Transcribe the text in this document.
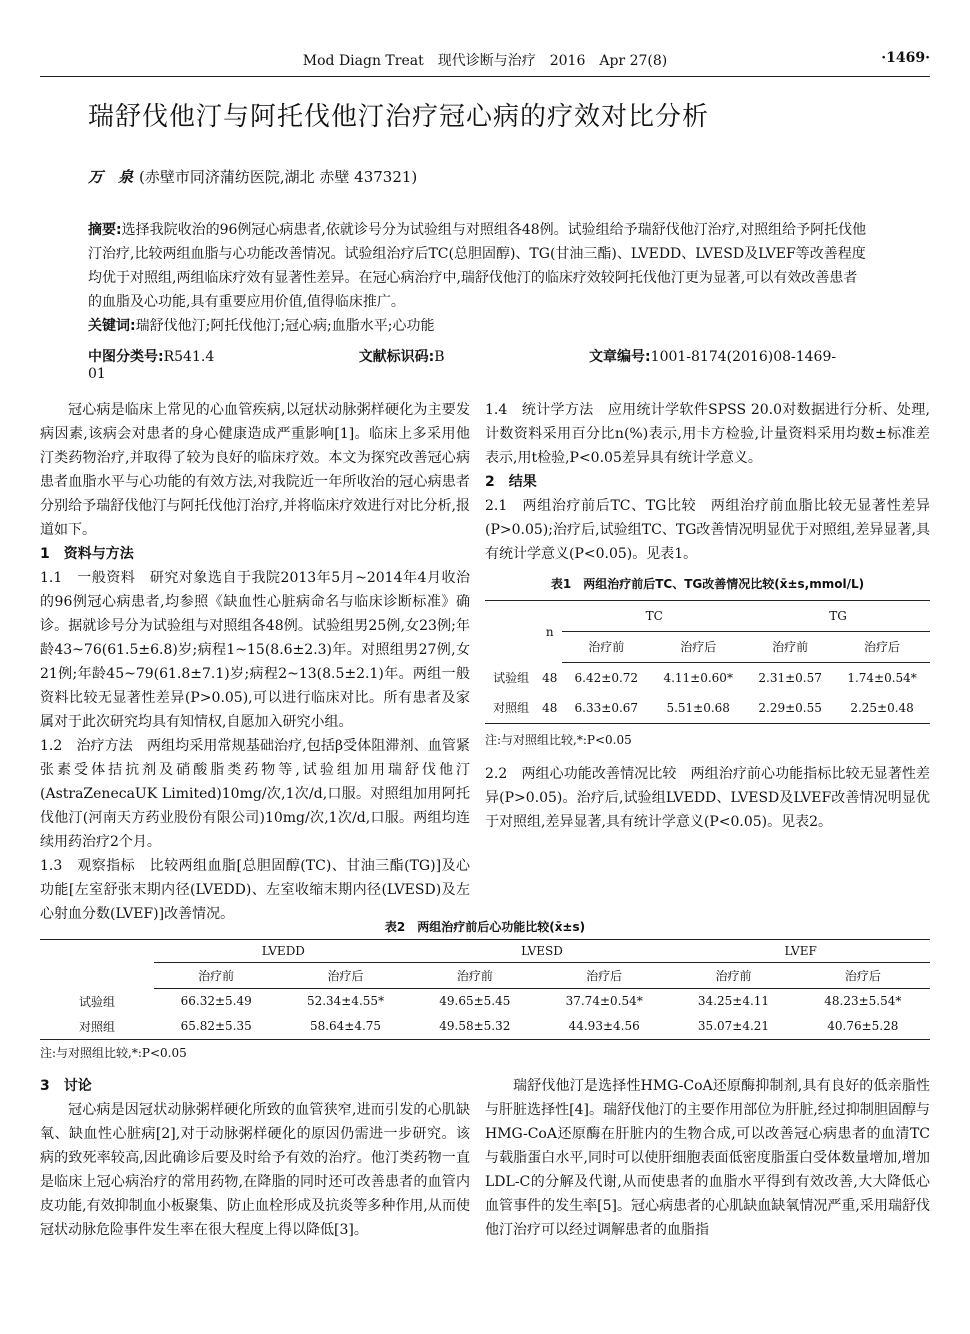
Mod Diagn Treat　现代诊断与治疗　2016　Apr 27(8)	·1469·
瑞舒伐他汀与阿托伐他汀治疗冠心病的疗效对比分析
万　泉 (赤壁市同济蒲纺医院,湖北 赤壁 437321)
摘要:选择我院收治的96例冠心病患者,依就诊号分为试验组与对照组各48例。试验组给予瑞舒伐他汀治疗,对照组给予阿托伐他汀治疗,比较两组血脂与心功能改善情况。试验组治疗后TC(总胆固醇)、TG(甘油三酯)、LVEDD、LVESD及LVEF等改善程度均优于对照组,两组临床疗效有显著性差异。在冠心病治疗中,瑞舒伐他汀的临床疗效较阿托伐他汀更为显著,可以有效改善患者的血脂及心功能,具有重要应用价值,值得临床推广。
关键词:瑞舒伐他汀;阿托伐他汀;冠心病;血脂水平;心功能
中图分类号:R541.4	文献标识码:B	文章编号:1001-8174(2016)08-1469-01

冠心病是临床上常见的心血管疾病,以冠状动脉粥样硬化为主要发病因素,该病会对患者的身心健康造成严重影响[1]。临床上多采用他汀类药物治疗,并取得了较为良好的临床疗效。本文为探究改善冠心病患者血脂水平与心功能的有效方法,对我院近一年所收治的冠心病患者分别给予瑞舒伐他汀与阿托伐他汀治疗,并将临床疗效进行对比分析,报道如下。

1　资料与方法

1.1　一般资料　研究对象选自于我院2013年5月~2014年4月收治的96例冠心病患者,均参照《缺血性心脏病命名与临床诊断标准》确诊。据就诊号分为试验组与对照组各48例。试验组男25例,女23例;年龄43~76(61.5±6.8)岁;病程1~15(8.6±2.3)年。对照组男27例,女21例;年龄45~79(61.8±7.1)岁;病程2~13(8.5±2.1)年。两组一般资料比较无显著性差异(P>0.05),可以进行临床对比。所有患者及家属对于此次研究均具有知情权,自愿加入研究小组。

1.2　治疗方法　两组均采用常规基础治疗,包括β受体阻滞剂、血管紧张素受体拮抗剂及硝酸脂类药物等,试验组加用瑞舒伐他汀(AstraZenecaUK Limited)10mg/次,1次/d,口服。对照组加用阿托伐他汀(河南天方药业股份有限公司)10mg/次,1次/d,口服。两组均连续用药治疗2个月。

1.3　观察指标　比较两组血脂[总胆固醇(TC)、甘油三酯(TG)]及心功能[左室舒张末期内径(LVEDD)、左室收缩末期内径(LVESD)及左心射血分数(LVEF)]改善情况。

1.4　统计学方法　应用统计学软件SPSS 20.0对数据进行分析、处理,计数资料采用百分比n(%)表示,用卡方检验,计量资料采用均数±标准差表示,用t检验,P<0.05差异具有统计学意义。

2　结果

2.1　两组治疗前后TC、TG比较　两组治疗前血脂比较无显著性差异(P>0.05);治疗后,试验组TC、TG改善情况明显优于对照组,差异显著,具有统计学意义(P<0.05)。见表1。

表1　两组治疗前后TC、TG改善情况比较(x̄±s,mmol/L)
	n	TC		TG	
		治疗前	治疗后	治疗前	治疗后
试验组	48	6.42±0.72	4.11±0.60*	2.31±0.57	1.74±0.54*
对照组	48	6.33±0.67	5.51±0.68	2.29±0.55	2.25±0.48
注:与对照组比较,*:P<0.05

2.2　两组心功能改善情况比较　两组治疗前心功能指标比较无显著性差异(P>0.05)。治疗后,试验组LVEDD、LVESD及LVEF改善情况明显优于对照组,差异显著,具有统计学意义(P<0.05)。见表2。

表2　两组治疗前后心功能比较(x̄±s)
	LVEDD		LVESD		LVEF	
	治疗前	治疗后	治疗前	治疗后	治疗前	治疗后
试验组	66.32±5.49	52.34±4.55*	49.65±5.45	37.74±0.54*	34.25±4.11	48.23±5.54*
对照组	65.82±5.35	58.64±4.75	49.58±5.32	44.93±4.56	35.07±4.21	40.76±5.28
注:与对照组比较,*:P<0.05

3　讨论

冠心病是因冠状动脉粥样硬化所致的血管狭窄,进而引发的心肌缺氧、缺血性心脏病[2],对于动脉粥样硬化的原因仍需进一步研究。该病的致死率较高,因此确诊后要及时给予有效的治疗。他汀类药物一直是临床上冠心病治疗的常用药物,在降脂的同时还可改善患者的血管内皮功能,有效抑制血小板聚集、防止血栓形成及抗炎等多种作用,从而使冠状动脉危险事件发生率在很大程度上得以降低[3]。

瑞舒伐他汀是选择性HMG-CoA还原酶抑制剂,具有良好的低亲脂性与肝脏选择性[4]。瑞舒伐他汀的主要作用部位为肝脏,经过抑制胆固醇与HMG-CoA还原酶在肝脏内的生物合成,可以改善冠心病患者的血清TC与载脂蛋白水平,同时可以使肝细胞表面低密度脂蛋白受体数量增加,增加LDL-C的分解及代谢,从而使患者的血脂水平得到有效改善,大大降低心血管事件的发生率[5]。冠心病患者的心肌缺血缺氧情况严重,采用瑞舒伐他汀治疗可以经过调解患者的血脂指
